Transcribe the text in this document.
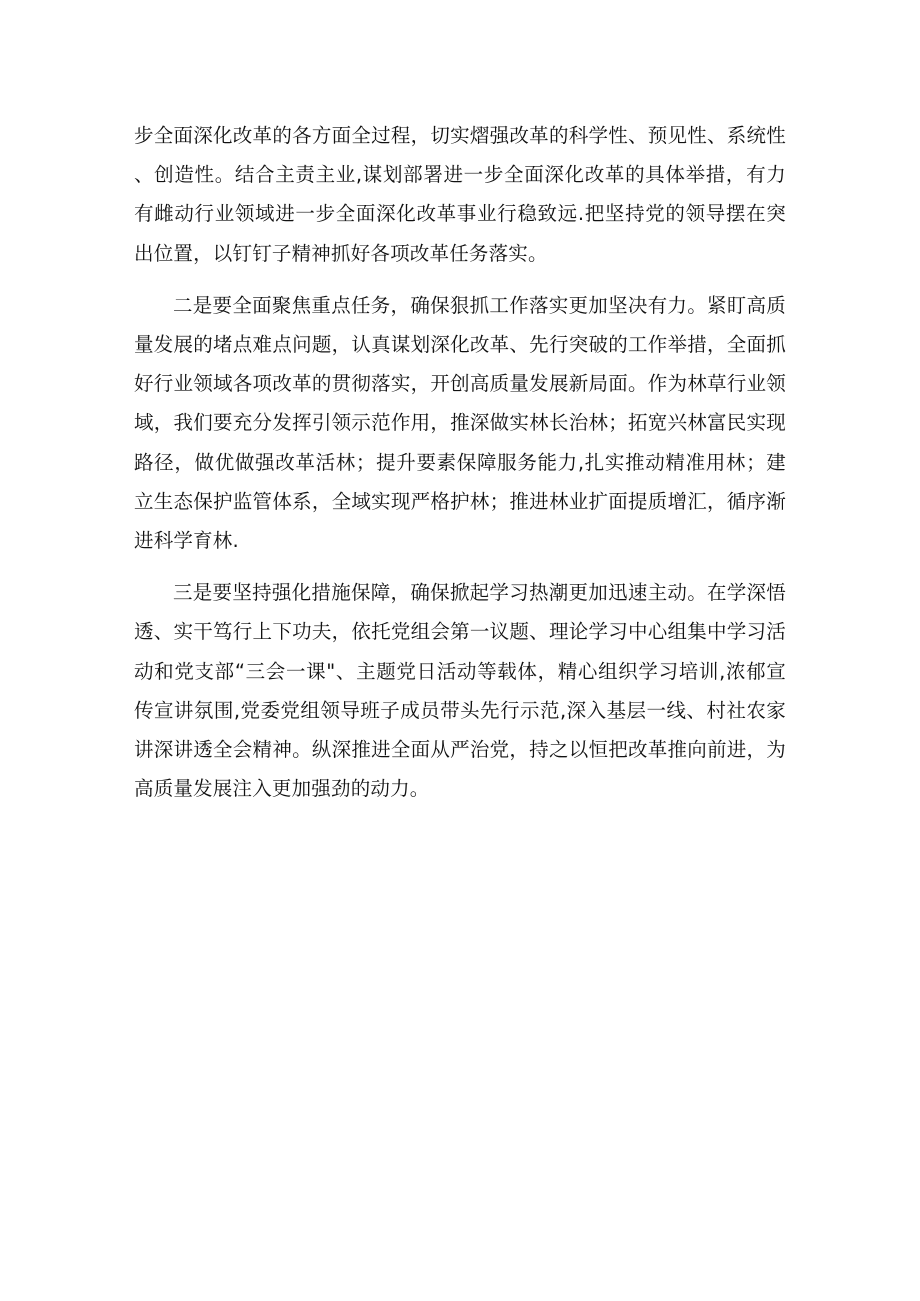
步全面深化改革的各方面全过程，切实熠强改革的科学性、预见性、系统性、创造性。结合主责主业,谋划部署进一步全面深化改革的具体举措，有力有雌动行业领域进一步全面深化改革事业行稳致远.把坚持党的领导摆在突出位置，以钉钉子精神抓好各项改革任务落实。

二是要全面聚焦重点任务，确保狠抓工作落实更加坚决有力。紧盯高质量发展的堵点难点问题，认真谋划深化改革、先行突破的工作举措，全面抓好行业领域各项改革的贯彻落实，开创高质量发展新局面。作为林草行业领域，我们要充分发挥引领示范作用，推深做实林长治林；拓宽兴林富民实现路径，做优做强改革活林；提升要素保障服务能力,扎实推动精准用林；建立生态保护监管体系，全域实现严格护林；推进林业扩面提质增汇，循序渐进科学育林.

三是要坚持强化措施保障，确保掀起学习热潮更加迅速主动。在学深悟透、实干笃行上下功夫，依托党组会第一议题、理论学习中心组集中学习活动和党支部“三会一课"、主题党日活动等载体，精心组织学习培训,浓郁宣传宣讲氛围,党委党组领导班子成员带头先行示范,深入基层一线、村社农家讲深讲透全会精神。纵深推进全面从严治党，持之以恒把改革推向前进，为高质量发展注入更加强劲的动力。
